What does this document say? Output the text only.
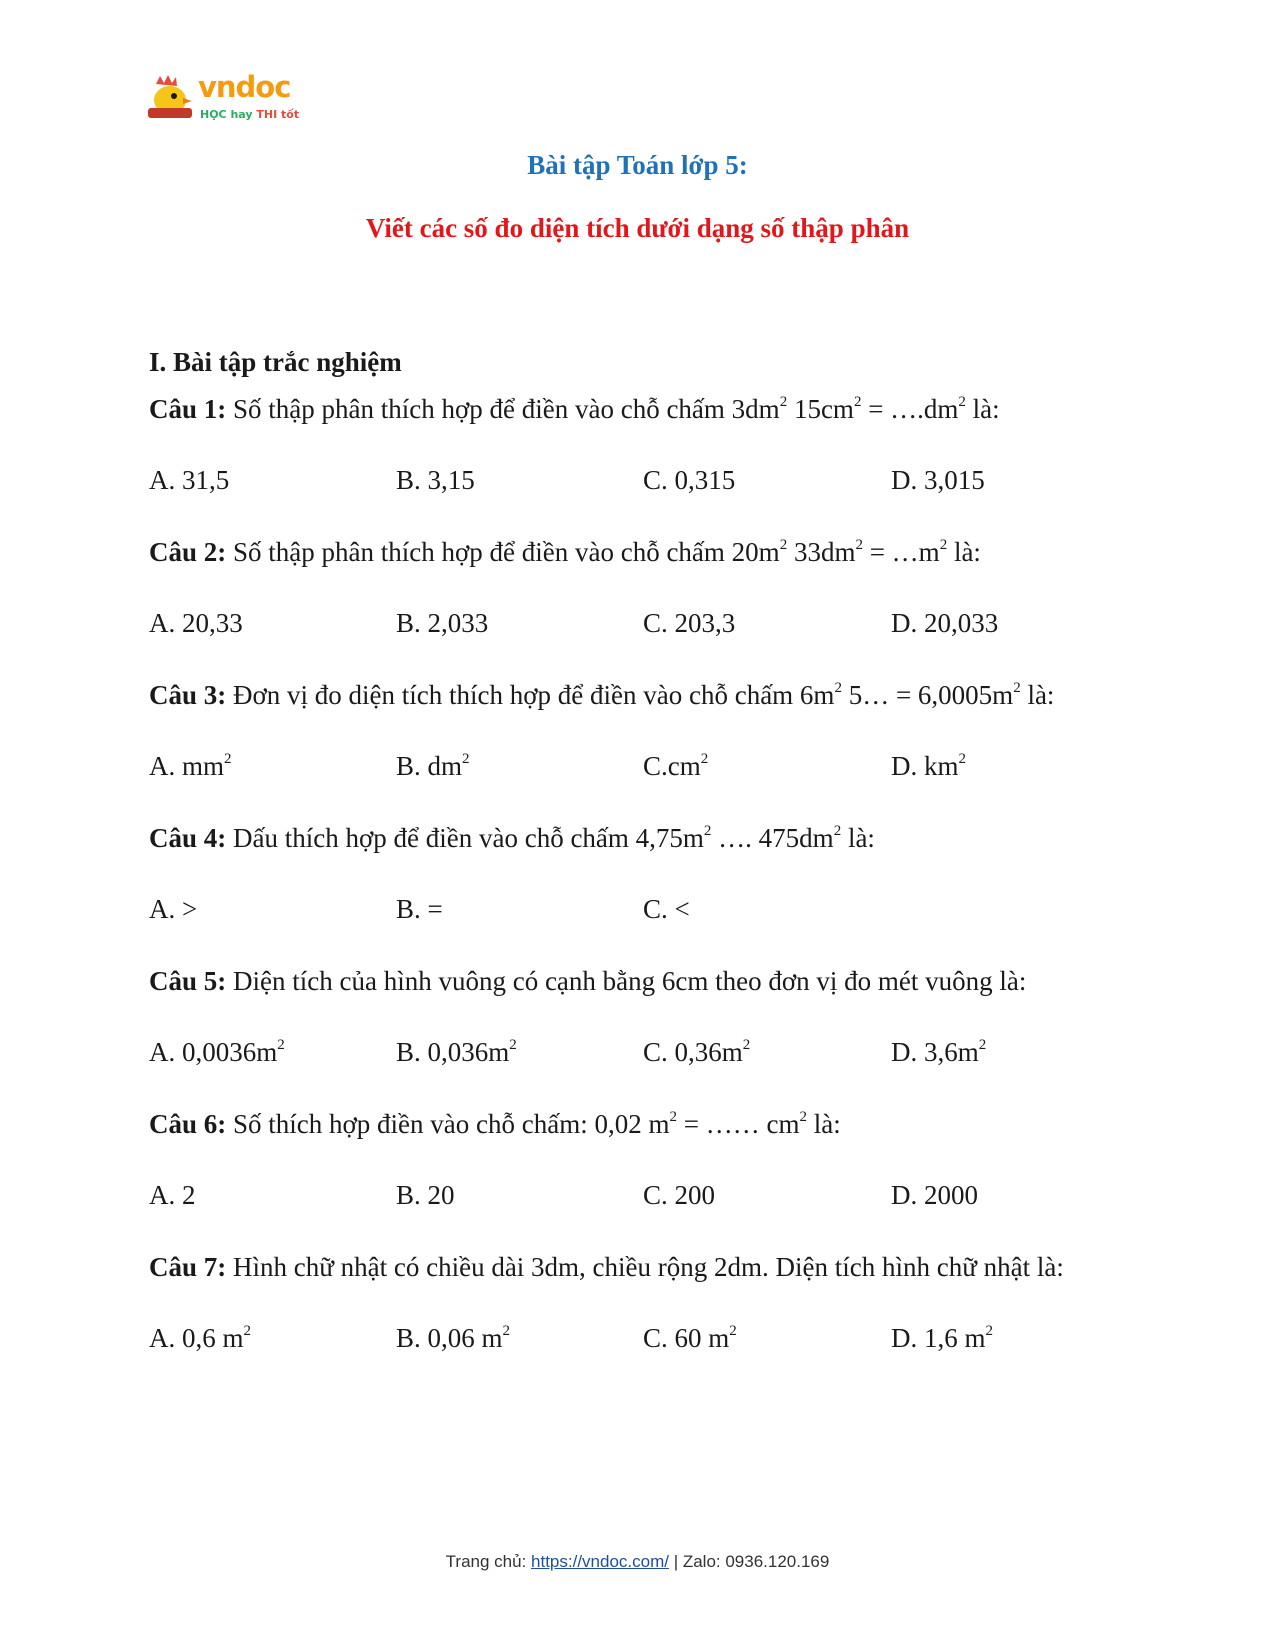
vndoc
HỌC hay THI tốt
Bài tập Toán lớp 5:
Viết các số đo diện tích dưới dạng số thập phân
I. Bài tập trắc nghiệm
Câu 1: Số thập phân thích hợp để điền vào chỗ chấm $3dm^2$ $15cm^2$ = $\dots.dm^2$ là:
A. 31,5	B. 3,15	C. 0,315	D. 3,015
Câu 2: Số thập phân thích hợp để điền vào chỗ chấm $20m^2$ $33dm^2$ = $\dots m^2$ là:
A. 20,33	B. 2,033	C. 203,3	D. 20,033
Câu 3: Đơn vị đo diện tích thích hợp để điền vào chỗ chấm $6m^2$ 5… = $6,0005m^2$ là:
A. $mm^2$	B. $dm^2$	$C.cm^2$	D. $km^2$
Câu 4: Dấu thích hợp để điền vào chỗ chấm $4,75m^2$ …. $475dm^2$ là:
A. >	B. =	C. <
Câu 5: Diện tích của hình vuông có cạnh bằng 6cm theo đơn vị đo mét vuông là:
A. $0,0036m^2$	B. $0,036m^2$	C. $0,36m^2$	D. $3,6m^2$
Câu 6: Số thích hợp điền vào chỗ chấm: 0,02 $m^2$ = …… $cm^2$ là:
A. 2	B. 20	C. 200	D. 2000
Câu 7: Hình chữ nhật có chiều dài 3dm, chiều rộng 2dm. Diện tích hình chữ nhật là:
A. 0,6 $m^2$	B. 0,06 $m^2$	C. 60 $m^2$	D. 1,6 $m^2$
Trang chủ: https://vndoc.com/ | Zalo: 0936.120.169
